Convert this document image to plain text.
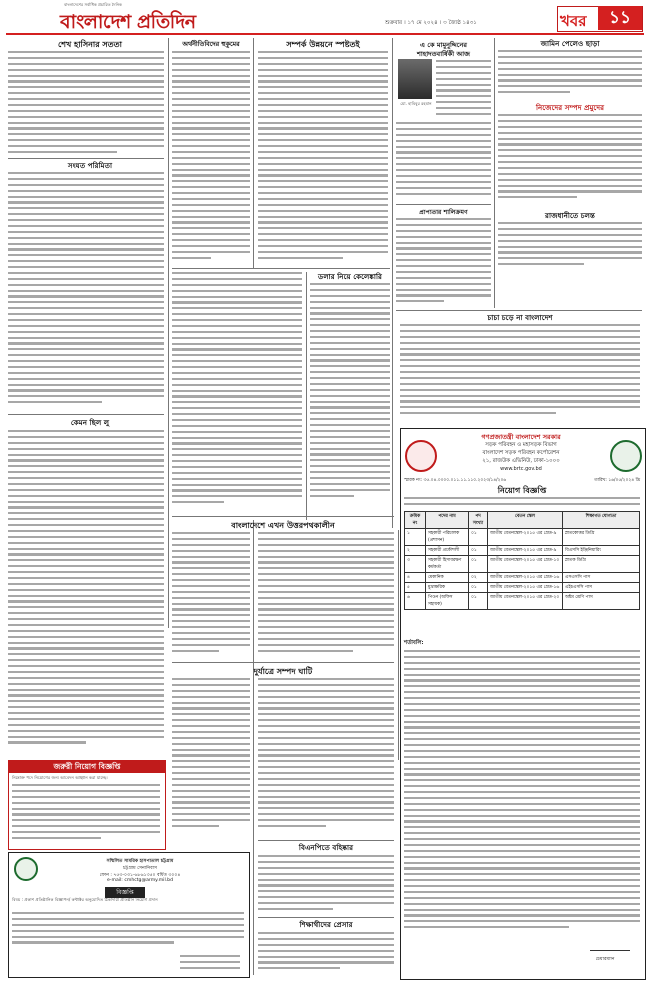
বাংলাদেশের সর্বাধিক প্রচারিত দৈনিক
বাংলাদেশ প্রতিদিন	শুক্রবার । ১৭ মে ২০২৪ । ৩ জ্যৈষ্ঠ ১৪৩১	খবর	১১
শেখ হাসিনার সততা
সংযত পরিমিতা
কেমন ছিল লু
জরুরী নিয়োগ বিজ্ঞপ্তি
নিম্নোক্ত পদে নিয়োগের জন্য আবেদন আহ্বান করা যাচ্ছে।
সম্মিলিত সামরিক হাসপাতাল চট্টগ্রাম
চট্টগ্রাম সেনানিবাস
ফোন : ৭৫৩-০৩১-৬৮৬১৩৫০ বর্ধিত ৩০০৪
e-mail: cmhctg@army.mil.bd
বিজ্ঞপ্তি
বিষয় : প্রকাশ প্রতিষ্ঠানিক বিজ্ঞাপন/ কন্টাক্টর অনুমোদিত ঠিকাদারী প্রতিষ্ঠান নিয়োগ প্রদান
অর্থনীতিবিদের হুকুমের	সম্পর্ক উন্নয়নে স্পষ্টতই
ডলার নিয়ে কেলেঙ্কারি
এ কে মামুনুদ্দিনের
শাহাদতবার্ষিকী আজ
মো. হাবিবুর রহমান
প্রাপ্যতার শালিক্রমণ
জামিন পেলেও ছাড়া
নিজেদের সম্পদ প্রমুদের
রাজধানীতে চলন্ত
চাচা চড়ে না বাংলাদেশ
বাংলাদেশে এখন উত্তরপথকালীন
দুর্যাত্রে সম্পদ ঘাটি
বিএনপিতে বহিষ্কার
শিক্ষাথীদের প্রেসার
গণপ্রজাতন্ত্রী বাংলাদেশ সরকার
সড়ক পরিবহন ও মহাসড়ক বিভাগ
বাংলাদেশ সড়ক পরিবহন কর্পোরেশন
২১, রাজউক এভিনিউ, ঢাকা-১০০০
www.brtc.gov.bd
স্মারক নং: ৩৫.০৪.০০০০.০১১.১১.১১০.২০২৩/১৪/২০৬	তারিখ: ১৬/০৫/২০২৪ খ্রি
নিয়োগ বিজ্ঞপ্তি
ক্রমিক নং	পদের নাম	পদ সংখ্যা	বেতন স্কেল	শিক্ষাগত যোগ্যতা
১	সহকারী পরিচালক (প্রশাসন)	০১	জাতীয় বেতনস্কেল-২০১৫ এর গ্রেড-৯	স্নাতকোত্তর ডিগ্রি
২	সহকারী প্রকৌশলী	০১	জাতীয় বেতনস্কেল-২০১৫ এর গ্রেড-৯	বিএসসি ইঞ্জিনিয়ারিং
৩	সহকারী হিসাবরক্ষণ কর্মকর্তা	০১	জাতীয় বেতনস্কেল-২০১৫ এর গ্রেড-১০	স্নাতক ডিগ্রি
৪	মেকানিক	০২	জাতীয় বেতনস্কেল-২০১৫ এর গ্রেড-১৬	এসএসসি পাস
৫	মুদ্রাক্ষরিক	০১	জাতীয় বেতনস্কেল-২০১৫ এর গ্রেড-১৬	এইচএসসি পাস
৬	পিওন (অফিস সহায়ক)	০১	জাতীয় বেতনস্কেল-২০১৫ এর গ্রেড-২০	অষ্টম শ্রেণি পাস
শর্তাবলি:
চেয়ারম্যান
